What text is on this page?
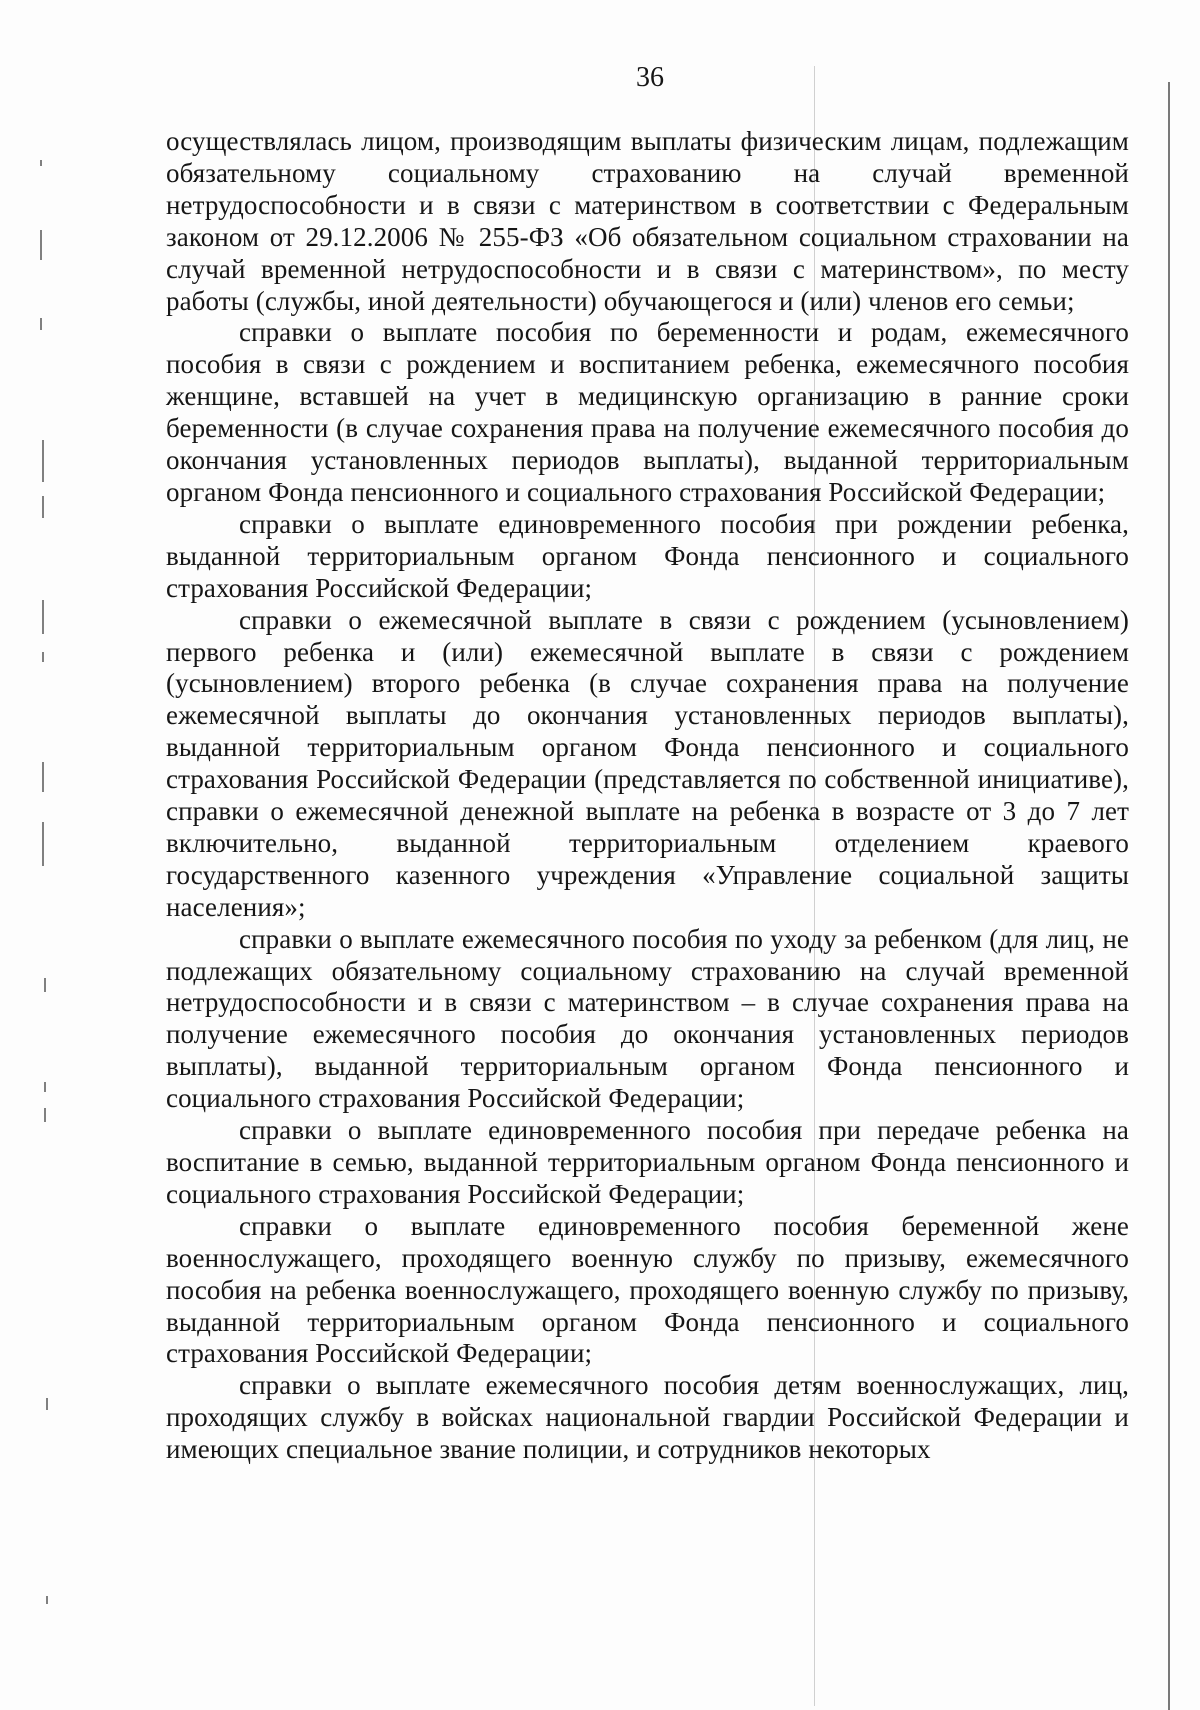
36

осуществлялась лицом, производящим выплаты физическим лицам, подлежащим обязательному социальному страхованию на случай временной нетрудоспособности и в связи с материнством в соответствии с Федеральным законом от 29.12.2006 № 255-ФЗ «Об обязательном социальном страховании на случай временной нетрудоспособности и в связи с материнством», по месту работы (службы, иной деятельности) обучающегося и (или) членов его семьи;

справки о выплате пособия по беременности и родам, ежемесячного пособия в связи с рождением и воспитанием ребенка, ежемесячного пособия женщине, вставшей на учет в медицинскую организацию в ранние сроки беременности (в случае сохранения права на получение ежемесячного пособия до окончания установленных периодов выплаты), выданной территориальным органом Фонда пенсионного и социального страхования Российской Федерации;

справки о выплате единовременного пособия при рождении ребенка, выданной территориальным органом Фонда пенсионного и социального страхования Российской Федерации;

справки о ежемесячной выплате в связи с рождением (усыновлением) первого ребенка и (или) ежемесячной выплате в связи с рождением (усыновлением) второго ребенка (в случае сохранения права на получение ежемесячной выплаты до окончания установленных периодов выплаты), выданной территориальным органом Фонда пенсионного и социального страхования Российской Федерации (представляется по собственной инициативе), справки о ежемесячной денежной выплате на ребенка в возрасте от 3 до 7 лет включительно, выданной территориальным отделением краевого государственного казенного учреждения «Управление социальной защиты населения»;

справки о выплате ежемесячного пособия по уходу за ребенком (для лиц, не подлежащих обязательному социальному страхованию на случай временной нетрудоспособности и в связи с материнством – в случае сохранения права на получение ежемесячного пособия до окончания установленных периодов выплаты), выданной территориальным органом Фонда пенсионного и социального страхования Российской Федерации;

справки о выплате единовременного пособия при передаче ребенка на воспитание в семью, выданной территориальным органом Фонда пенсионного и социального страхования Российской Федерации;

справки о выплате единовременного пособия беременной жене военнослужащего, проходящего военную службу по призыву, ежемесячного пособия на ребенка военнослужащего, проходящего военную службу по призыву, выданной территориальным органом Фонда пенсионного и социального страхования Российской Федерации;

справки о выплате ежемесячного пособия детям военнослужащих, лиц, проходящих службу в войсках национальной гвардии Российской Федерации и имеющих специальное звание полиции, и сотрудников некоторых
